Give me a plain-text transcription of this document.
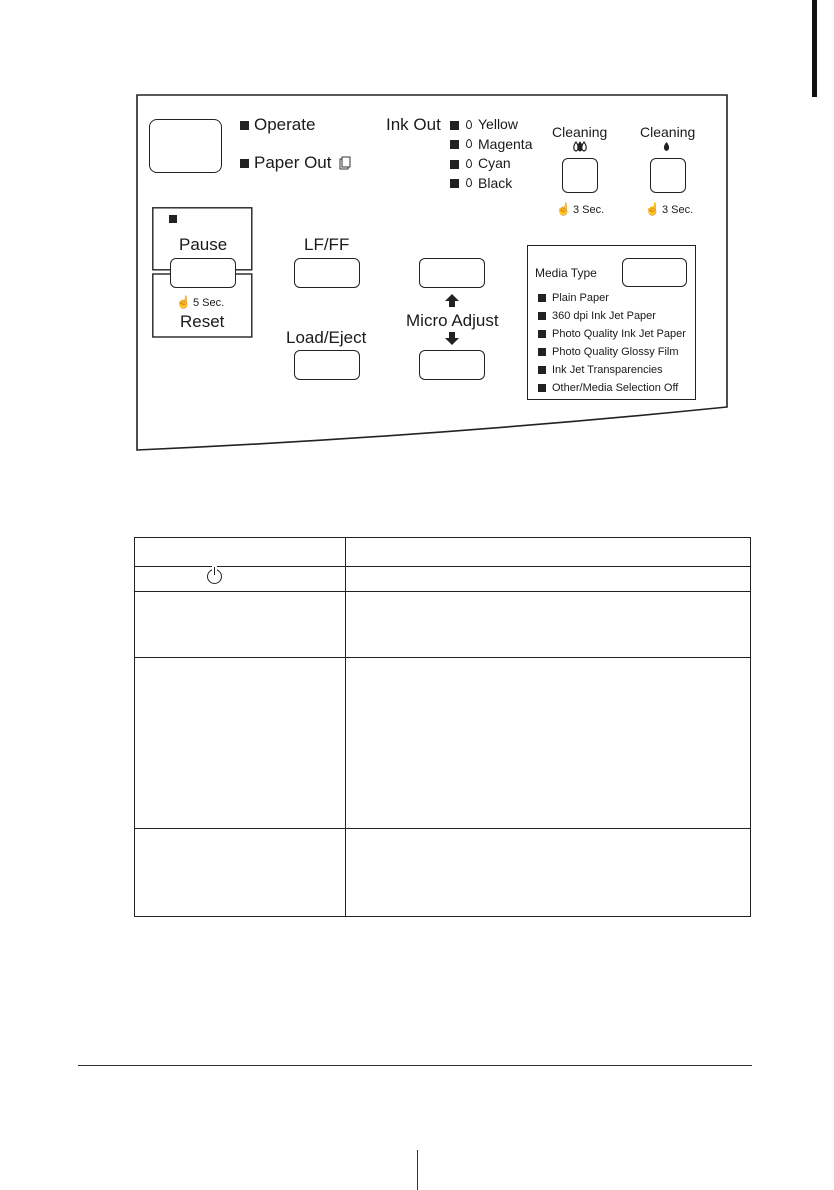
Operate
Paper Out
Ink Out	Yellow
Magenta
Cyan
Black
Cleaning
☝ 3 Sec.
Cleaning
☝ 3 Sec.
Pause
☝ 5 Sec.
Reset
LF/FF
Load/Eject
Micro Adjust
Media Type
Plain Paper
360 dpi Ink Jet Paper
Photo Quality Ink Jet Paper
Photo Quality Glossy Film
Ink Jet Transparencies
Other/Media Selection Off
